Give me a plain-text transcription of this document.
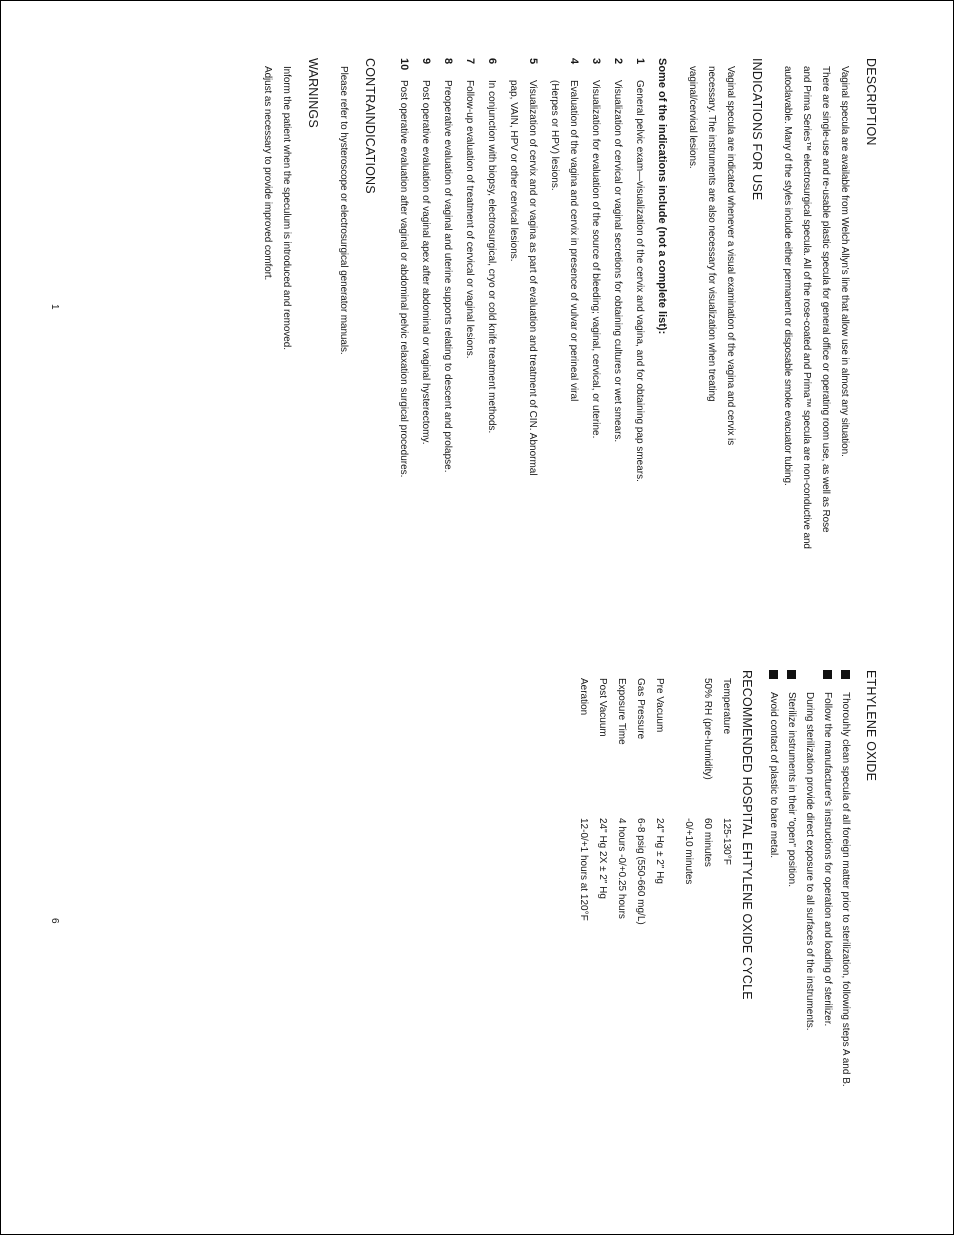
DESCRIPTION

Vaginal specula are available from Welch Allyn's line that allow use in almost any situation.

There are single-use and re-usable plastic specula for general office or operating room use, as well as Rose

and Prima Series™ electrosurgical specula. All of the rose-coated and Prima™ specula are non-conductive and

autoclavable. Many of the styles include either permanent or disposable smoke evacuator tubing.

INDICATIONS FOR USE

Vaginal specula are indicated whenever a visual examination of the vagina and cervix is

necessary. The instruments are also necessary for visualization when treating

vaginal/cervical lesions.

Some of the indications include (not a complete list):
1
General pelvic exam—visualization of the cervix and vagina, and for obtaining pap smears.
2
Visualization of cervical or vaginal secretions for obtaining cultures or wet smears.
3
Visualization for evaluation of the source of bleeding; vaginal, cervical, or uterine.
4
Evaluation of the vagina and cervix in presence of vulvar or perineal viral
(Herpes or HPV) lesions.
5
Visualization of cervix and or vagina as part of evaluation and treatment of CIN. Abnormal
pap, VAIN, HPV or other cervical lesions.
6
In conjunction with biopsy, electrosurgical, cryo or cold knife treatment methods.
7
Follow-up evaluation of treatment of cervical or vaginal lesions.
8
Preoperative evaluation of vaginal and uterine supports relating to descent and prolapse.
9
Post operative evaluation of vaginal apex after abdominal or vaginal hysterectomy.
10
Post operative evaluation after vaginal or abdominal pelvic relaxation surgical procedures.
CONTRAINDICATIONS

Please refer to hysteroscope or electrosurgical generator manuals.

WARNINGS

Inform the patient when the speculum is introduced and removed.

Adjust as necessary to provide improved comfort.

1
ETHYLENE OXIDE
Thorouhly clean specula of all foreign matter prior to sterilization, following steps A and B.
Follow the manufacturer's instructions for operation and loading of sterilizer.
During sterilization provide direct exposure to all surfaces of the instruments.
Sterilize instruments in their "open" position.
Avoid contact of plastic to bare metal.
RECOMMENDED HOSPITAL EHTYLENE OXIDE CYCLE
Temperature	125-130°F
50% RH (pre-humidity)	60 minutes
	-0/+10 minutes

Pre Vacuum	24" Hg ± 2" Hg
Gas Pressure	6-8 psig (550-660 mg/L)
Exposure Time	4 hours -0/+0.25 hours
Post Vacuum	24" Hg 2X ± 2" Hg
Aeration	12-0/+1 hours at 120°F
6
